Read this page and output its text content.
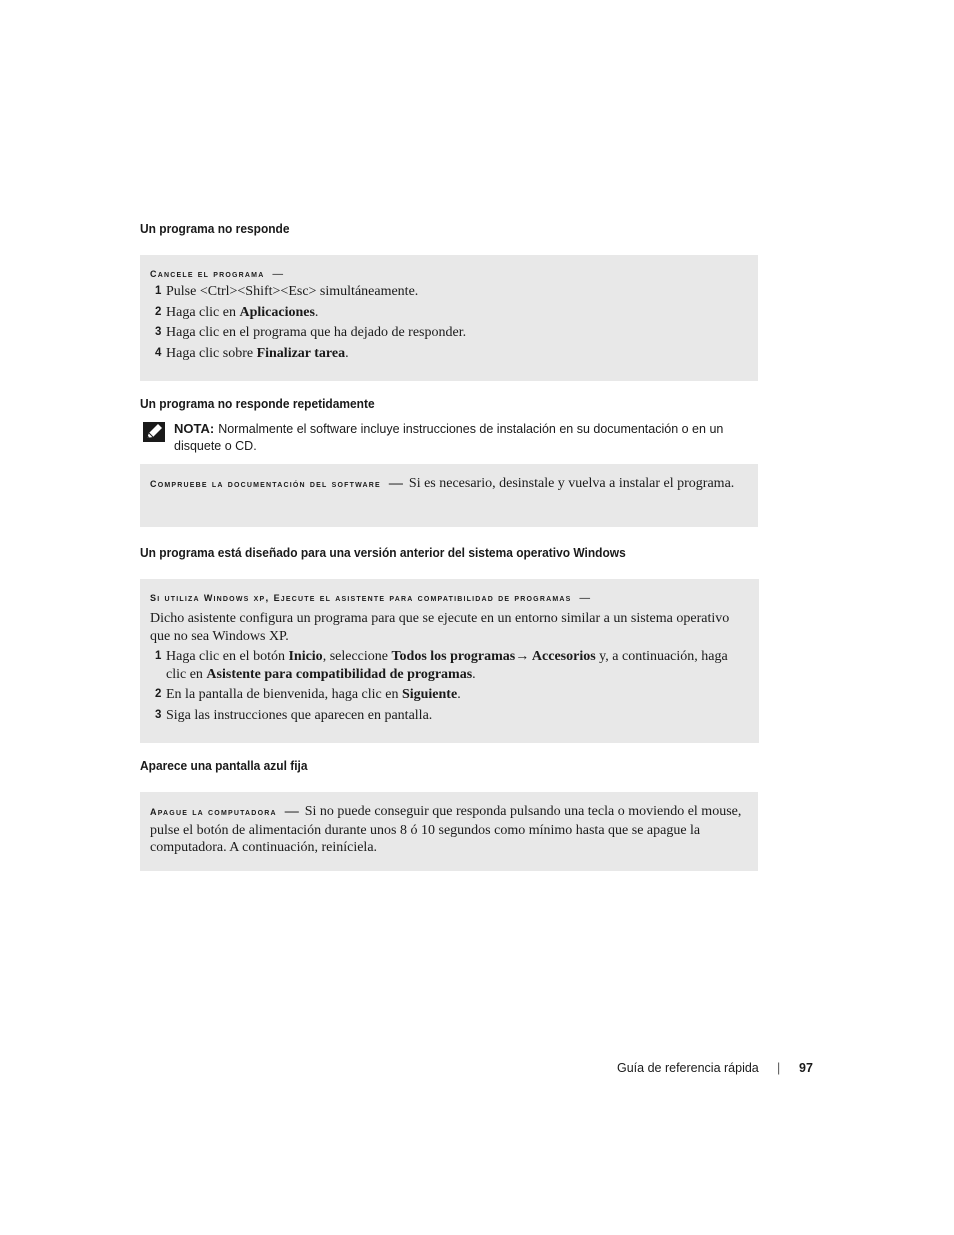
Un programa no responde
cancele el programa —
1 Pulse <Ctrl><Shift><Esc> simultáneamente.
2 Haga clic en Aplicaciones.
3 Haga clic en el programa que ha dejado de responder.
4 Haga clic sobre Finalizar tarea.
Un programa no responde repetidamente
NOTA: Normalmente el software incluye instrucciones de instalación en su documentación o en un disquete o CD.
compruebe la documentación del software — Si es necesario, desinstale y vuelva a instalar el programa.
Un programa está diseñado para una versión anterior del sistema operativo Windows
si utiliza windows xp, ejecute el asistente para compatibilidad de programas —
Dicho asistente configura un programa para que se ejecute en un entorno similar a un sistema operativo que no sea Windows XP.
1 Haga clic en el botón Inicio, seleccione Todos los programas→ Accesorios y, a continuación, haga clic en Asistente para compatibilidad de programas.
2 En la pantalla de bienvenida, haga clic en Siguiente.
3 Siga las instrucciones que aparecen en pantalla.
Aparece una pantalla azul fija
apague la computadora — Si no puede conseguir que responda pulsando una tecla o moviendo el mouse, pulse el botón de alimentación durante unos 8 ó 10 segundos como mínimo hasta que se apague la computadora. A continuación, reiníciela.
Guía de referencia rápida | 97
